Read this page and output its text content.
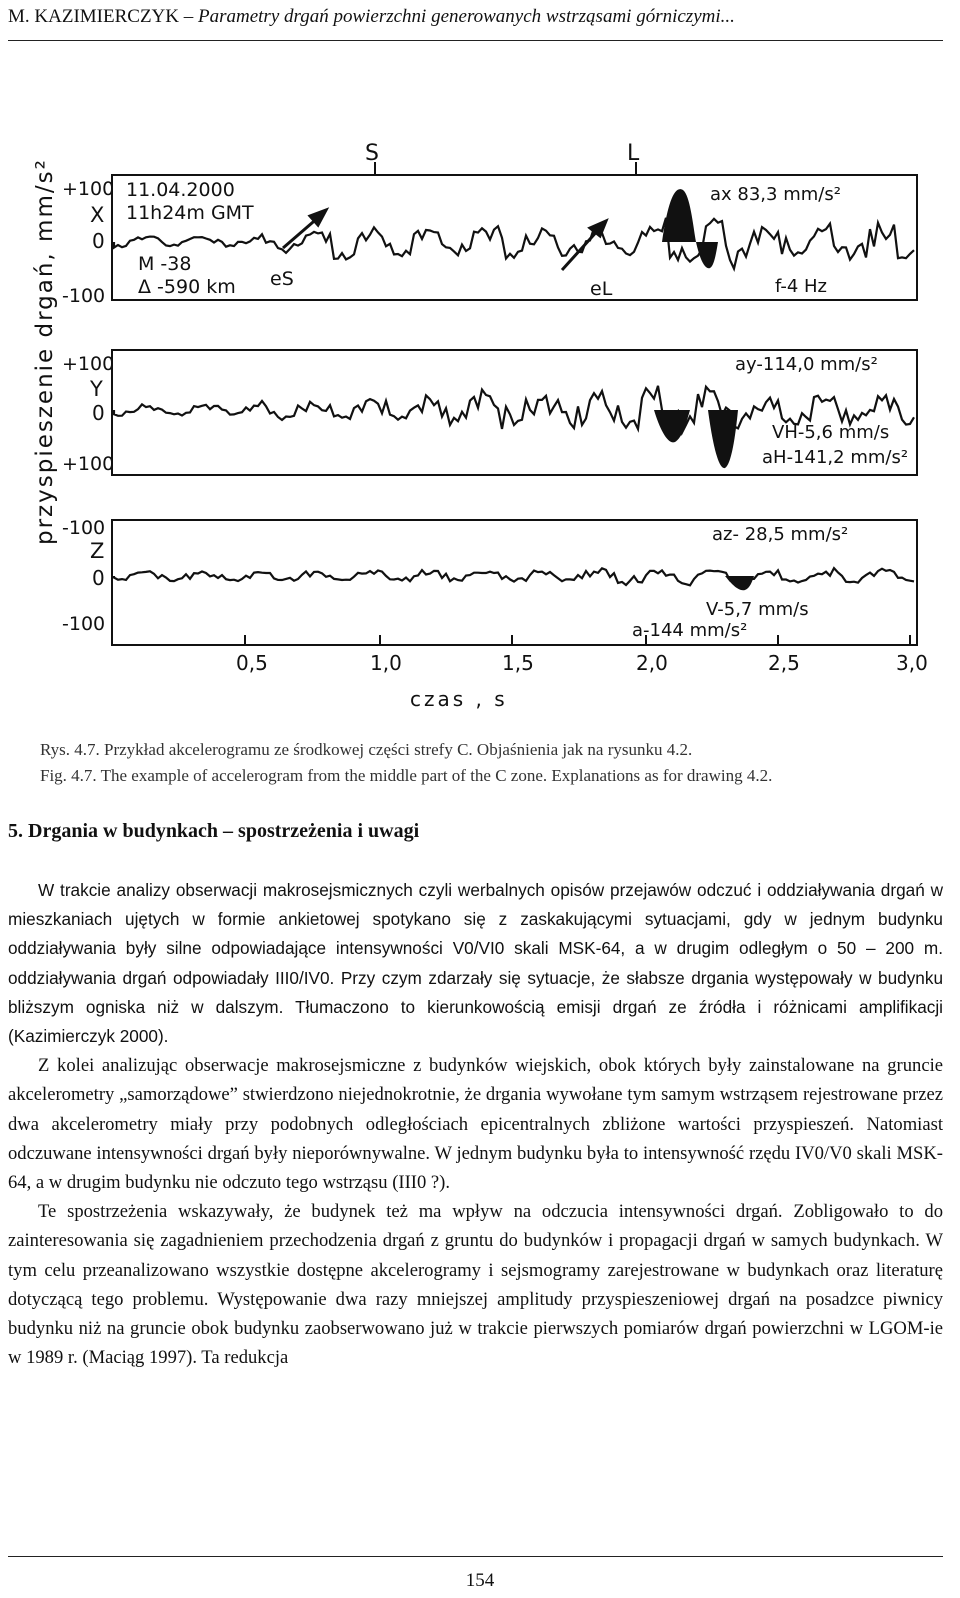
M. KAZIMIERCZYK – Parametry drgań powierzchni generowanych wstrząsami górniczymi...
przyspieszenie drgań, mm/s² +100
X
0
-100
+100
Y
0
+100
-100
Z
0
-100
S	L
11.04.2000
11h24m GMT
M -38
Δ -590 km eS	eL
ax 83,3 mm/s²
f-4 Hz
ay-114,0 mm/s²
VH-5,6 mm/s
aH-141,2 mm/s²
az- 28,5 mm/s²
V-5,7 mm/s
a-144 mm/s²
0,5	1,0	1,5	2,0	2,5	3,0
czas , s
Rys. 4.7. Przykład akcelerogramu ze środkowej części strefy C. Objaśnienia jak na rysunku 4.2.
Fig. 4.7. The example of accelerogram from the middle part of the C zone. Explanations as for drawing 4.2.
5. Drgania w budynkach – spostrzeżenia i uwagi

W trakcie analizy obserwacji makrosejsmicznych czyli werbalnych opisów przejawów odczuć i oddziaływania drgań w mieszkaniach ujętych w formie ankietowej spotykano się z zaskakującymi sytuacjami, gdy w jednym budynku oddziaływania były silne odpowiadające intensywności V0/VI0 skali MSK-64, a w drugim odległym o 50 – 200 m. oddziaływania drgań odpowiadały III0/IV0. Przy czym zdarzały się sytuacje, że słabsze drgania występowały w budynku bliższym ogniska niż w dalszym. Tłumaczono to kierunkowością emisji drgań ze źródła i różnicami amplifikacji (Kazimierczyk 2000).

Z kolei analizując obserwacje makrosejsmiczne z budynków wiejskich, obok których były zainstalowane na gruncie akcelerometry „samorządowe” stwierdzono niejednokrotnie, że drgania wywołane tym samym wstrząsem rejestrowane przez dwa akcelerometry miały przy podobnych odległościach epicentralnych zbliżone wartości przyspieszeń. Natomiast odczuwane intensywności drgań były nieporównywalne. W jednym budynku była to intensywność rzędu IV0/V0 skali MSK-64, a w drugim budynku nie odczuto tego wstrząsu (III0 ?).

Te spostrzeżenia wskazywały, że budynek też ma wpływ na odczucia intensywności drgań. Zobligowało to do zainteresowania się zagadnieniem przechodzenia drgań z gruntu do budynków i propagacji drgań w samych budynkach. W tym celu przeanalizowano wszystkie dostępne akcelerogramy i sejsmogramy zarejestrowane w budynkach oraz literaturę dotyczącą tego problemu. Występowanie dwa razy mniejszej amplitudy przyspieszeniowej drgań na posadzce piwnicy budynku niż na gruncie obok budynku zaobserwowano już w trakcie pierwszych pomiarów drgań powierzchni w LGOM-ie w 1989 r. (Maciąg 1997). Ta redukcja

154
